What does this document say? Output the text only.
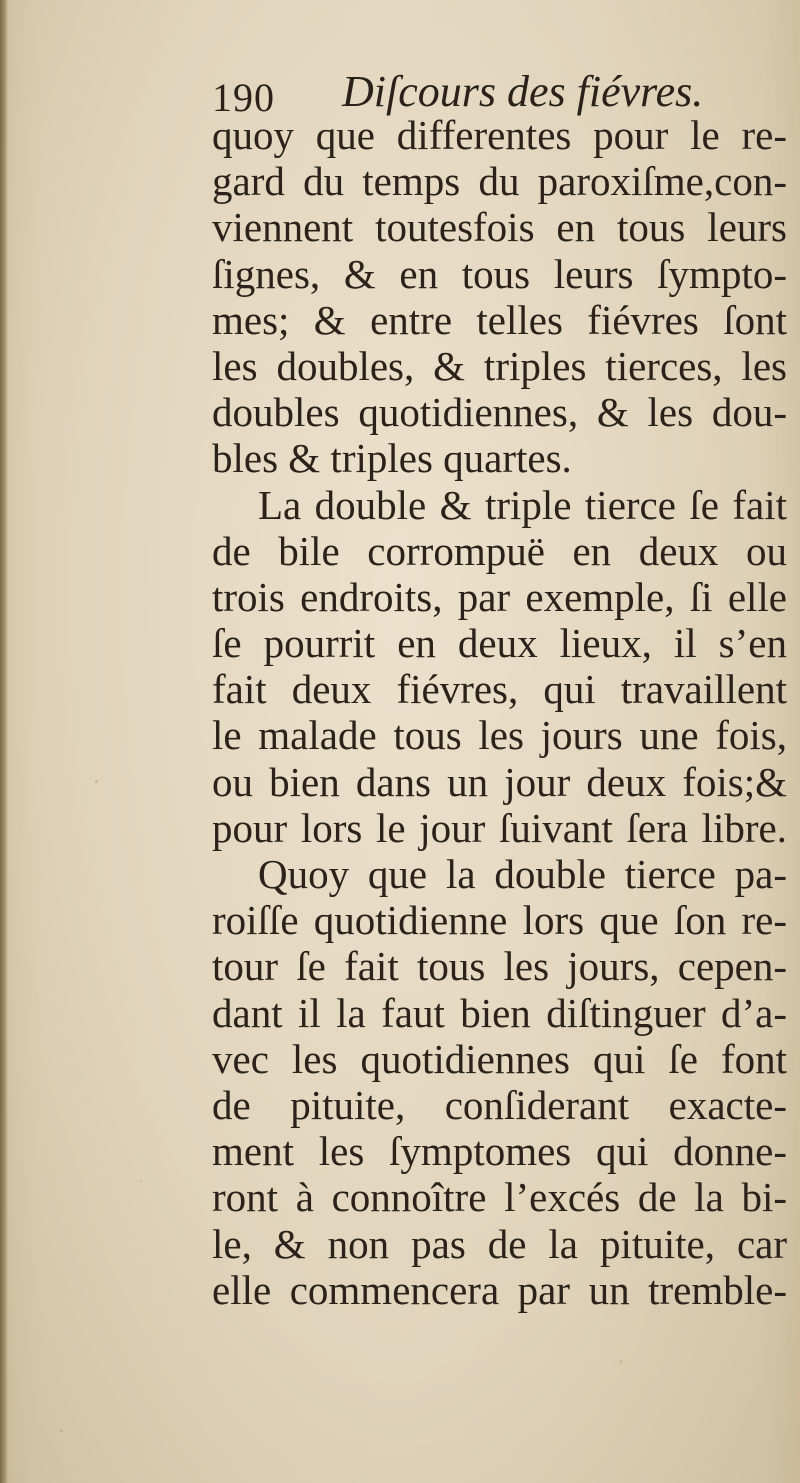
190 Diſcours des fiévres.
quoy que differentes pour le re-
gard du temps du paroxiſme,con-
viennent toutesfois en tous leurs
ſignes, & en tous leurs ſympto-
mes; & entre telles fiévres ſont
les doubles, & triples tierces, les
doubles quotidiennes, & les dou-
bles & triples quartes.
La double & triple tierce ſe fait
de bile corrompuë en deux ou
trois endroits, par exemple, ſi elle
ſe pourrit en deux lieux, il s’en
fait deux fiévres, qui travaillent
le malade tous les jours une fois,
ou bien dans un jour deux fois;&
pour lors le jour ſuivant ſera libre.
Quoy que la double tierce pa-
roiſſe quotidienne lors que ſon re-
tour ſe fait tous les jours, cepen-
dant il la faut bien diſtinguer d’a-
vec les quotidiennes qui ſe font
de pituite, conſiderant exacte-
ment les ſymptomes qui donne-
ront à connoître l’excés de la bi-
le, & non pas de la pituite, car
elle commencera par un tremble-
